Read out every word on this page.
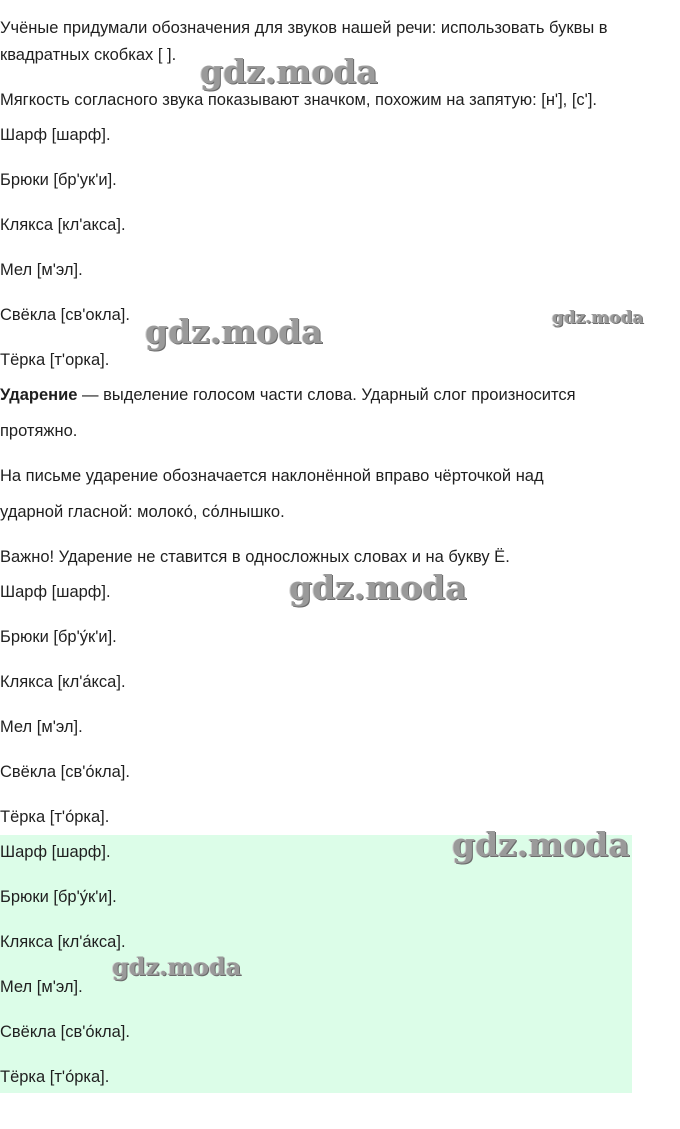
Учёные придумали обозначения для звуков нашей речи: использовать буквы в

квадратных скобках [ ].

Мягкость согласного звука показывают значком, похожим на запятую: [н'], [с'].

Шарф [шарф].

Брюки [бр'ук'и].

Клякса [кл'акса].

Мел [м'эл].

Свёкла [св'окла].

Тёрка [т'орка].

Ударение — выделение голосом части слова. Ударный слог произносится

протяжно.

На письме ударение обозначается наклонённой вправо чёрточкой над

ударной гласной: молоко́, со́лнышко.

Важно! Ударение не ставится в односложных словах и на букву Ё.

Шарф [шарф].

Брюки [бр'у́к'и].

Клякса [кл'а́кса].

Мел [м'эл].

Свёкла [св'о́кла].

Тёрка [т'о́рка].

Шарф [шарф].

Брюки [бр'у́к'и].

Клякса [кл'а́кса].

Мел [м'эл].

Свёкла [св'о́кла].

Тёрка [т'о́рка].

gdz.moda
gdz.moda	gdz.moda
gdz.moda
gdz.moda
gdz.moda
